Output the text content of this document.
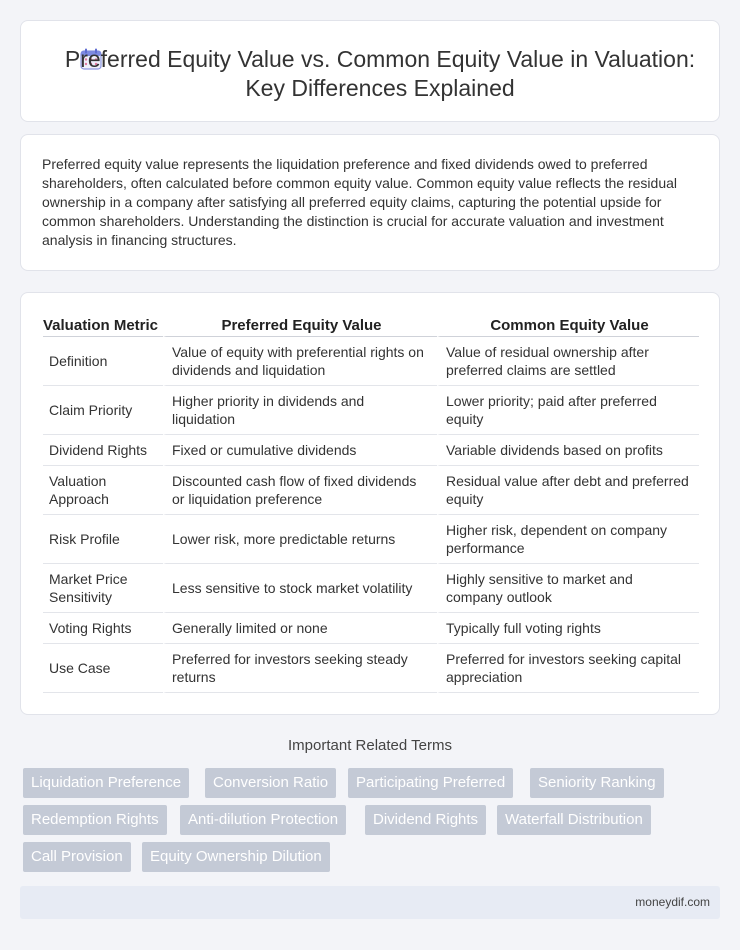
Preferred Equity Value vs. Common Equity Value in Valuation: Key Differences Explained

Preferred equity value represents the liquidation preference and fixed dividends owed to preferred shareholders, often calculated before common equity value. Common equity value reflects the residual ownership in a company after satisfying all preferred equity claims, capturing the potential upside for common shareholders. Understanding the distinction is crucial for accurate valuation and investment analysis in financing structures.

Valuation Metric	Preferred Equity Value	Common Equity Value
Definition	Value of equity with preferential rights on dividends and liquidation	Value of residual ownership after preferred claims are settled
Claim Priority	Higher priority in dividends and liquidation	Lower priority; paid after preferred equity
Dividend Rights	Fixed or cumulative dividends	Variable dividends based on profits
Valuation Approach	Discounted cash flow of fixed dividends or liquidation preference	Residual value after debt and preferred equity
Risk Profile	Lower risk, more predictable returns	Higher risk, dependent on company performance
Market Price Sensitivity	Less sensitive to stock market volatility	Highly sensitive to market and company outlook
Voting Rights	Generally limited or none	Typically full voting rights
Use Case	Preferred for investors seeking steady returns	Preferred for investors seeking capital appreciation
Important Related Terms
Liquidation Preference	Conversion Ratio	Participating Preferred	Seniority Ranking
Redemption Rights	Anti-dilution Protection	Dividend Rights	Waterfall Distribution
Call Provision	Equity Ownership Dilution
moneydif.com
